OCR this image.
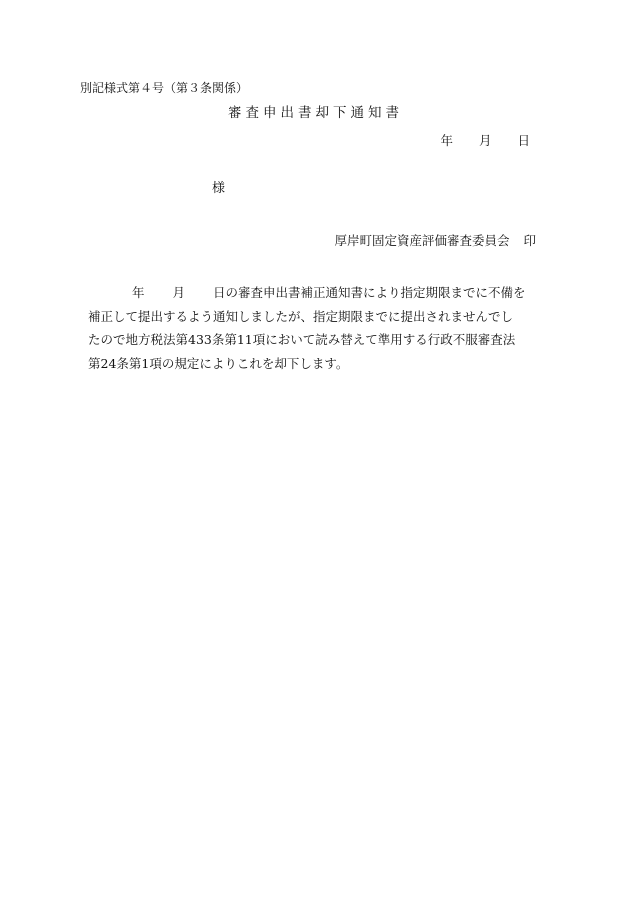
別記様式第４号（第３条関係）
審査申出書却下通知書
年 月 日
様
厚岸町固定資産評価審査委員会 印
年 月 日の審査申出書補正通知書により指定期限までに不備を
補正して提出するよう通知しましたが、指定期限までに提出されませんでし
たので地方税法第433条第11項において読み替えて準用する行政不服審査法
第24条第1項の規定によりこれを却下します。
